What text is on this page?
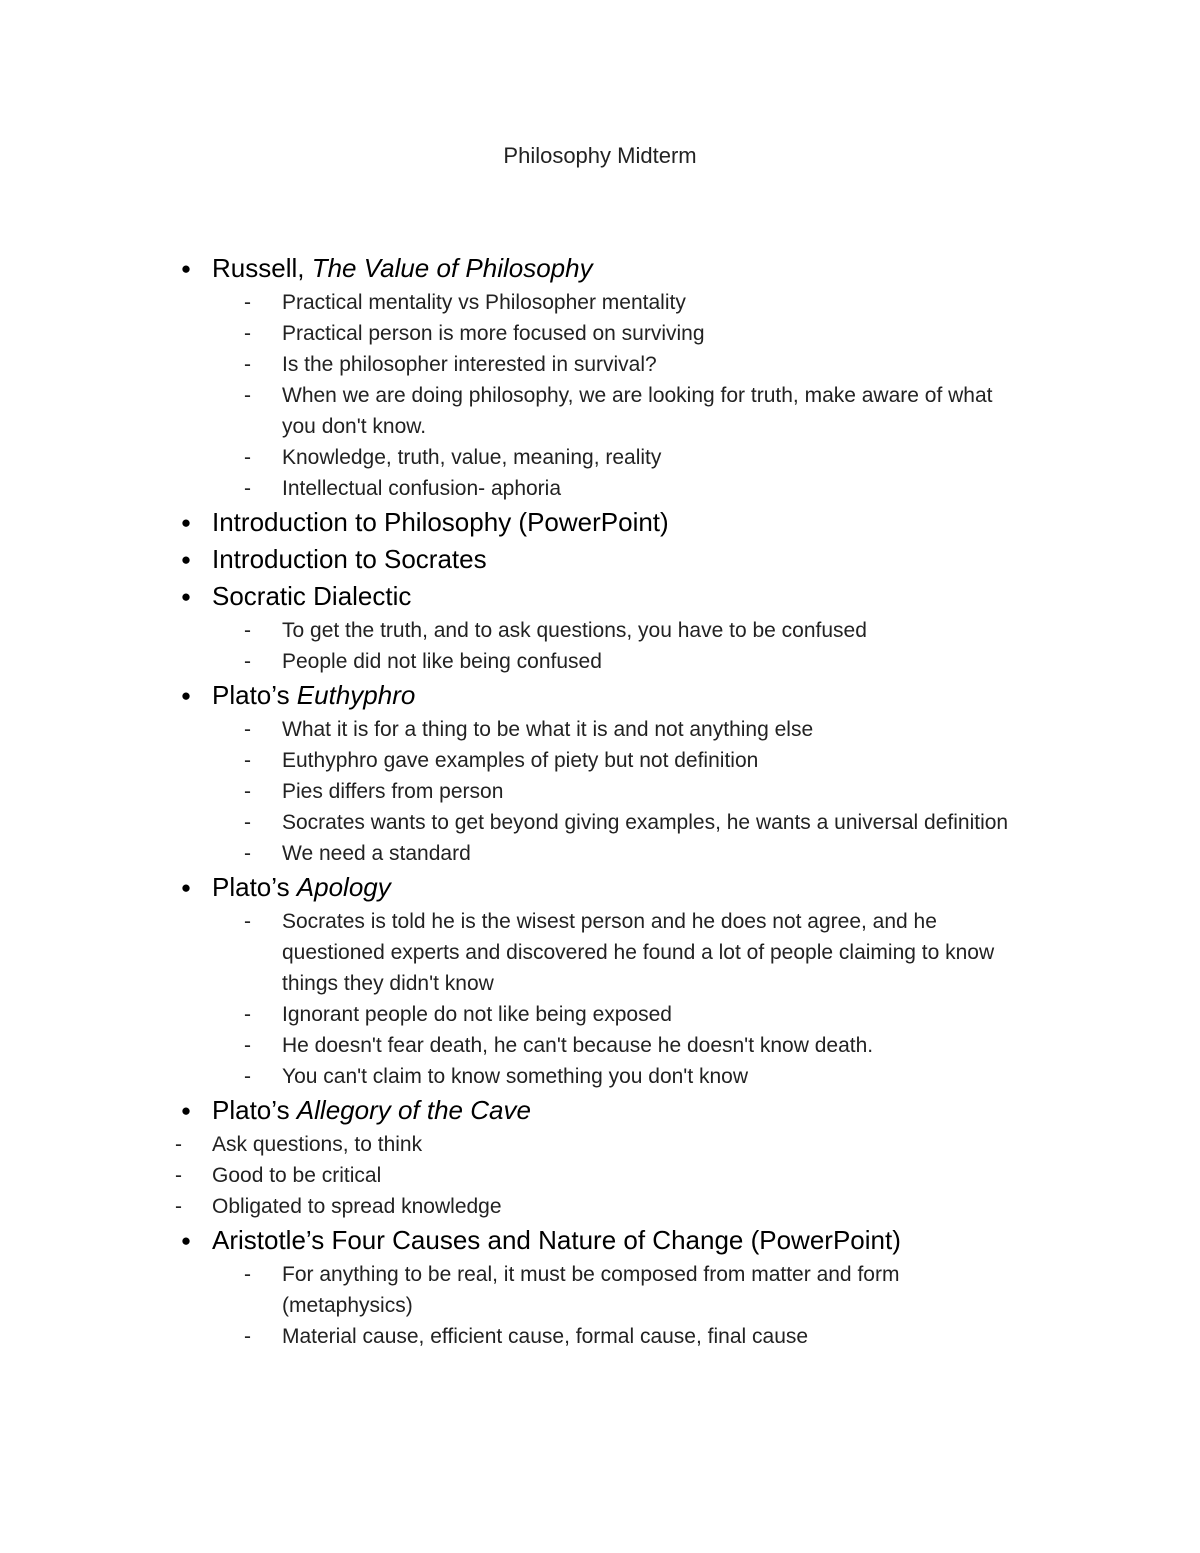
Philosophy Midterm
● Russell, The Value of Philosophy
- Practical mentality vs Philosopher mentality
- Practical person is more focused on surviving
- Is the philosopher interested in survival?
- When we are doing philosophy, we are looking for truth, make aware of what you don't know.
- Knowledge, truth, value, meaning, reality
- Intellectual confusion- aphoria
● Introduction to Philosophy (PowerPoint)
● Introduction to Socrates
● Socratic Dialectic
- To get the truth, and to ask questions, you have to be confused
- People did not like being confused
● Plato’s Euthyphro
- What it is for a thing to be what it is and not anything else
- Euthyphro gave examples of piety but not definition
- Pies differs from person
- Socrates wants to get beyond giving examples, he wants a universal definition
- We need a standard
● Plato’s Apology
- Socrates is told he is the wisest person and he does not agree, and he questioned experts and discovered he found a lot of people claiming to know things they didn't know
- Ignorant people do not like being exposed
- He doesn't fear death, he can't because he doesn't know death.
- You can't claim to know something you don't know
● Plato’s Allegory of the Cave
- Ask questions, to think
- Good to be critical
- Obligated to spread knowledge
● Aristotle’s Four Causes and Nature of Change (PowerPoint)
- For anything to be real, it must be composed from matter and form (metaphysics)
- Material cause, efficient cause, formal cause, final cause
